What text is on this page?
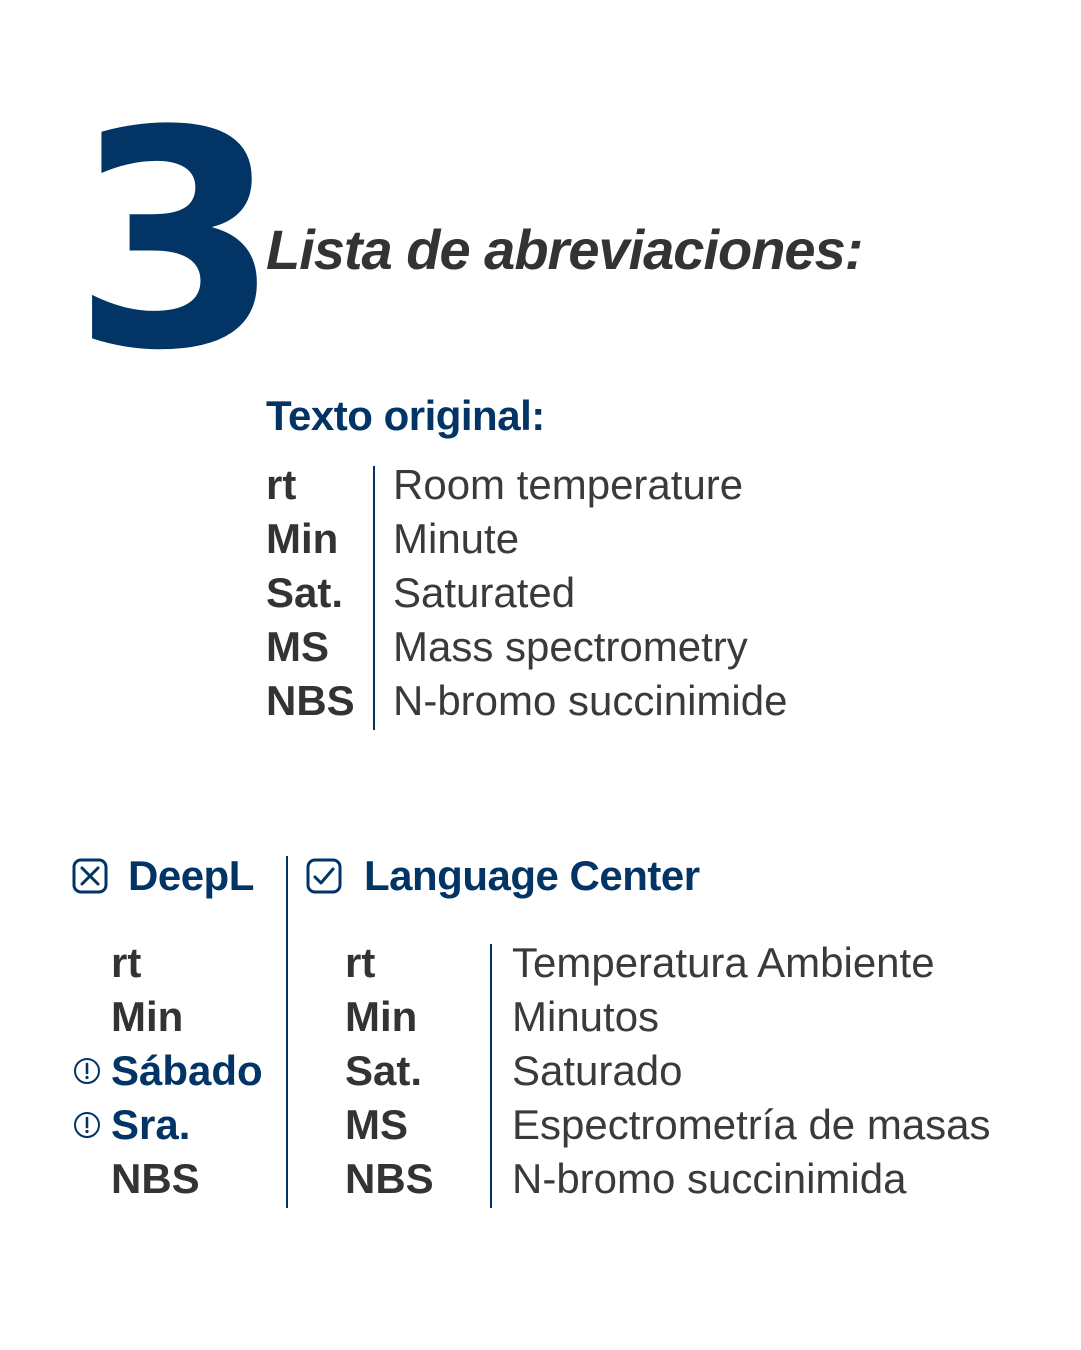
3
Lista de abreviaciones:
Texto original:
rt Room temperature
Min Minute
Sat. Saturated
MS Mass spectrometry
NBS N-bromo succinimide
DeepL	Language Center
rt
Min
Sábado
Sra.
NBS
rt	Temperatura Ambiente
Min Minutos
Sat. Saturado
MS Espectrometría de masas
NBS N-bromo succinimida
